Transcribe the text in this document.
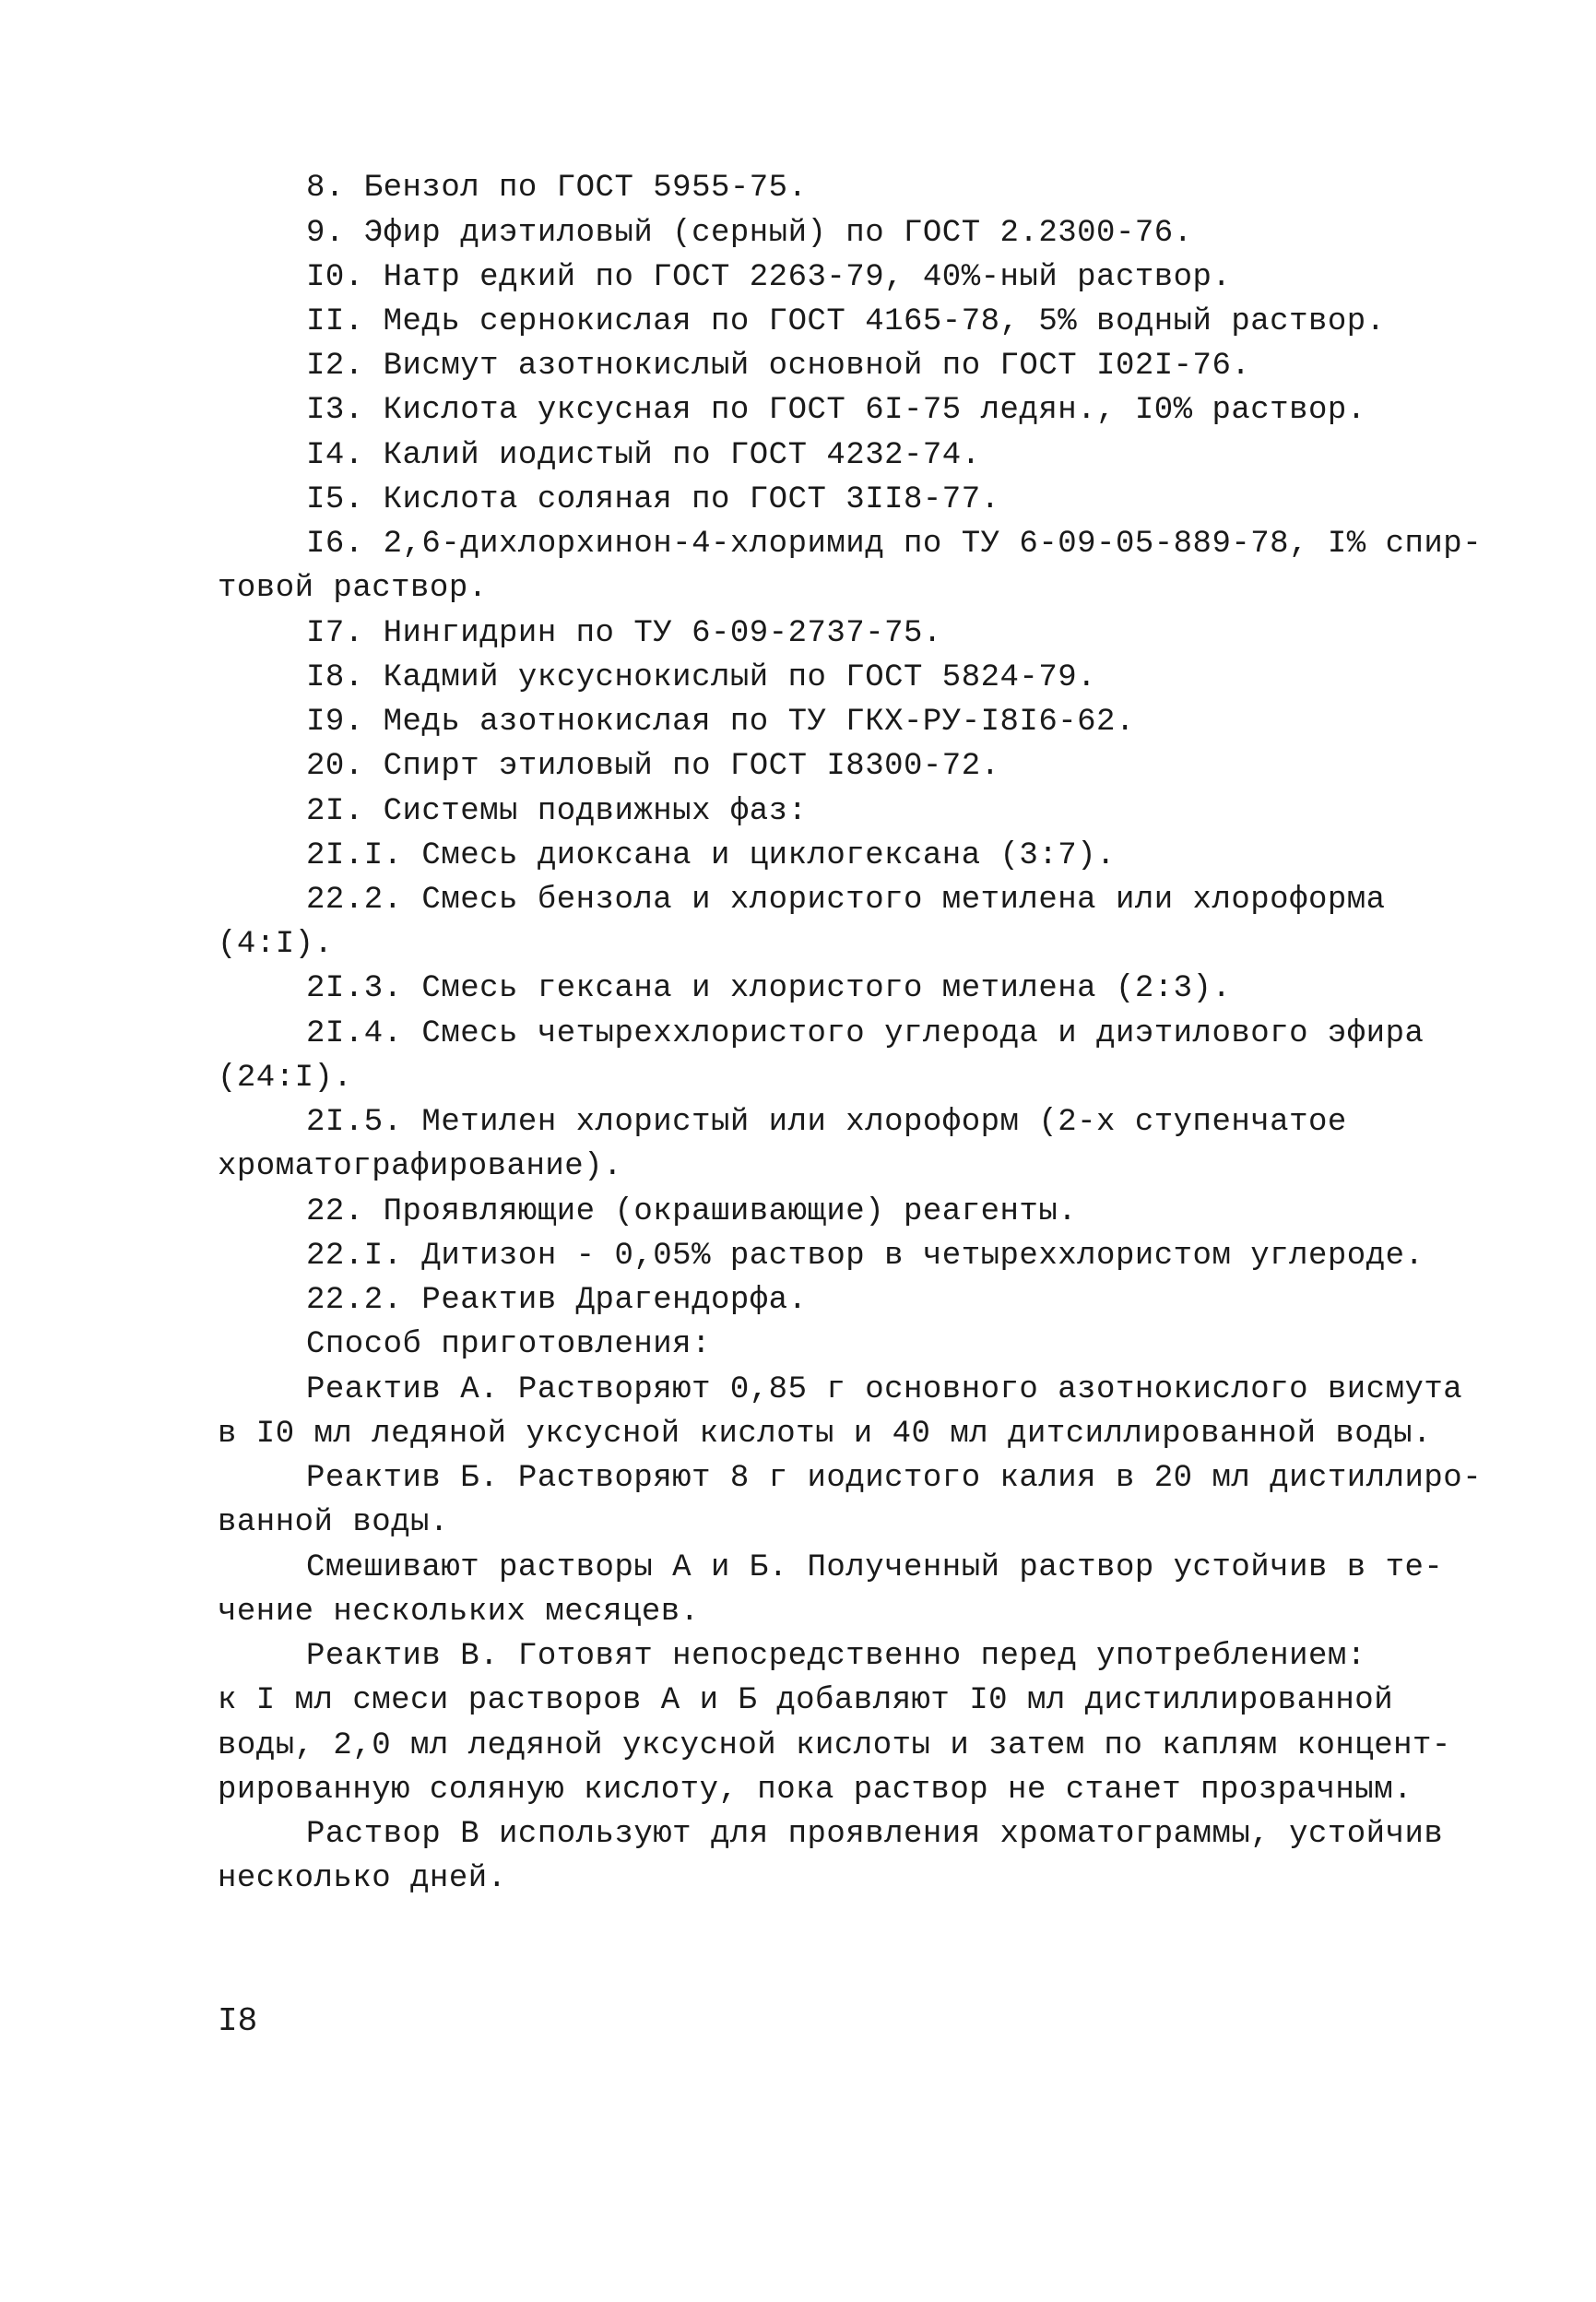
8. Бензол по ГОСТ 5955-75.
9. Эфир диэтиловый (серный) по ГОСТ 2.2300-76.
I0. Натр едкий по ГОСТ 2263-79, 40%-ный раствор.
II. Медь сернокислая по ГОСТ 4165-78, 5% водный раствор.
I2. Висмут азотнокислый основной по ГОСТ I02I-76.
I3. Кислота уксусная по ГОСТ 6I-75 ледян., I0% раствор.
I4. Калий иодистый по ГОСТ 4232-74.
I5. Кислота соляная по ГОСТ 3II8-77.
I6. 2,6-дихлорхинон-4-хлоримид по ТУ 6-09-05-889-78, I% спир-
товой раствор.
I7. Нингидрин по ТУ 6-09-2737-75.
I8. Кадмий уксуснокислый по ГОСТ 5824-79.
I9. Медь азотнокислая по ТУ ГКХ-РУ-I8I6-62.
20. Спирт этиловый по ГОСТ I8300-72.
2I. Системы подвижных фаз:
2I.I. Смесь диоксана и циклогексана (3:7).
22.2. Смесь бензола и хлористого метилена или хлороформа
(4:I).
2I.3. Смесь гексана и хлористого метилена (2:3).
2I.4. Смесь четыреххлористого углерода и диэтилового эфира
(24:I).
2I.5. Метилен хлористый или хлороформ (2-х ступенчатое
хроматографирование).
22. Проявляющие (окрашивающие) реагенты.
22.I. Дитизон - 0,05% раствор в четыреххлористом углероде.
22.2. Реактив Драгендорфа.
Способ приготовления:
Реактив А. Растворяют 0,85 г основного азотнокислого висмута
в I0 мл ледяной уксусной кислоты и 40 мл дитсиллированной воды.
Реактив Б. Растворяют 8 г иодистого калия в 20 мл дистиллиро-
ванной воды.
Смешивают растворы А и Б. Полученный раствор устойчив в те-
чение нескольких месяцев.
Реактив В. Готовят непосредственно перед употреблением:
к I мл смеси растворов А и Б добавляют I0 мл дистиллированной
воды, 2,0 мл ледяной уксусной кислоты и затем по каплям концент-
рированную соляную кислоту, пока раствор не станет прозрачным.
Раствор В используют для проявления хроматограммы, устойчив
несколько дней.
I8
